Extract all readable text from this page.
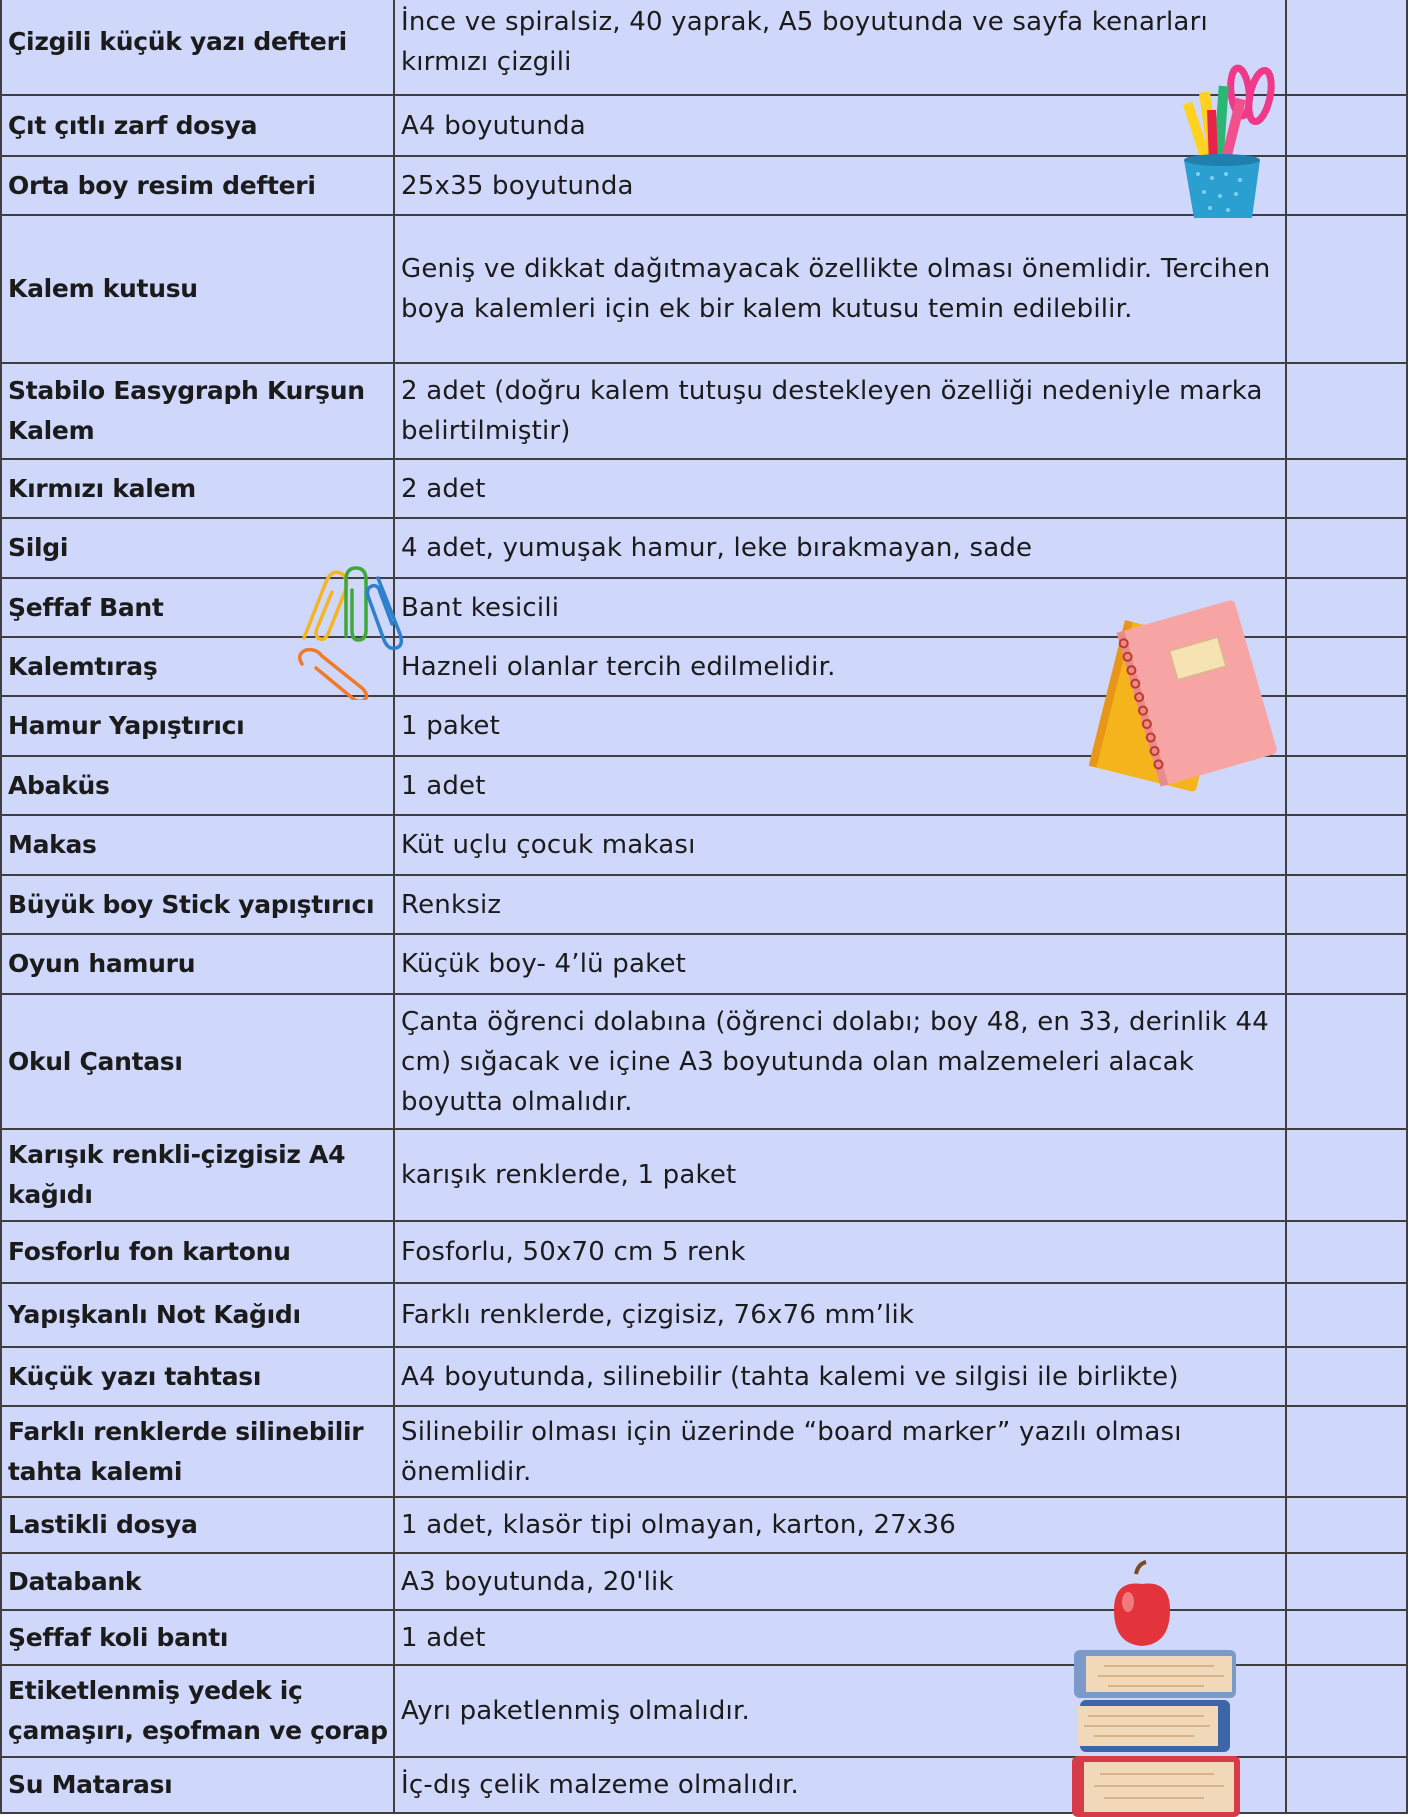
Çizgili küçük yazı defteri	İnce ve spiralsiz, 40 yaprak, A5 boyutunda ve sayfa kenarları kırmızı çizgili	
Çıt çıtlı zarf dosya	A4 boyutunda	
Orta boy resim defteri	25x35 boyutunda	
Kalem kutusu	Geniş ve dikkat dağıtmayacak özellikte olması önemlidir. Tercihen boya kalemleri için ek bir kalem kutusu temin edilebilir.	
Stabilo Easygraph Kurşun Kalem	2 adet (doğru kalem tutuşu destekleyen özelliği nedeniyle marka belirtilmiştir)	
Kırmızı kalem	2 adet	
Silgi	4 adet, yumuşak hamur, leke bırakmayan, sade	
Şeffaf Bant	Bant kesicili	
Kalemtıraş	Hazneli olanlar tercih edilmelidir.	
Hamur Yapıştırıcı	1 paket	
Abaküs	1 adet	
Makas	Küt uçlu çocuk makası	
Büyük boy Stick yapıştırıcı	Renksiz	
Oyun hamuru	Küçük boy- 4’lü paket	
Okul Çantası	Çanta öğrenci dolabına (öğrenci dolabı; boy 48, en 33, derinlik 44 cm) sığacak ve içine A3 boyutunda olan malzemeleri alacak boyutta olmalıdır.	
Karışık renkli-çizgisiz A4 kağıdı	karışık renklerde, 1 paket	
Fosforlu fon kartonu	Fosforlu, 50x70 cm 5 renk	
Yapışkanlı Not Kağıdı	Farklı renklerde, çizgisiz, 76x76 mm’lik	
Küçük yazı tahtası	A4 boyutunda, silinebilir (tahta kalemi ve silgisi ile birlikte)	
Farklı renklerde silinebilir tahta kalemi	Silinebilir olması için üzerinde “board marker” yazılı olması önemlidir.	
Lastikli dosya	1 adet, klasör tipi olmayan, karton, 27x36	
Databank	A3 boyutunda, 20'lik	
Şeffaf koli bantı	1 adet	
Etiketlenmiş yedek iç çamaşırı, eşofman ve çorap	Ayrı paketlenmiş olmalıdır.	
Su Matarası	İç-dış çelik malzeme olmalıdır.	
